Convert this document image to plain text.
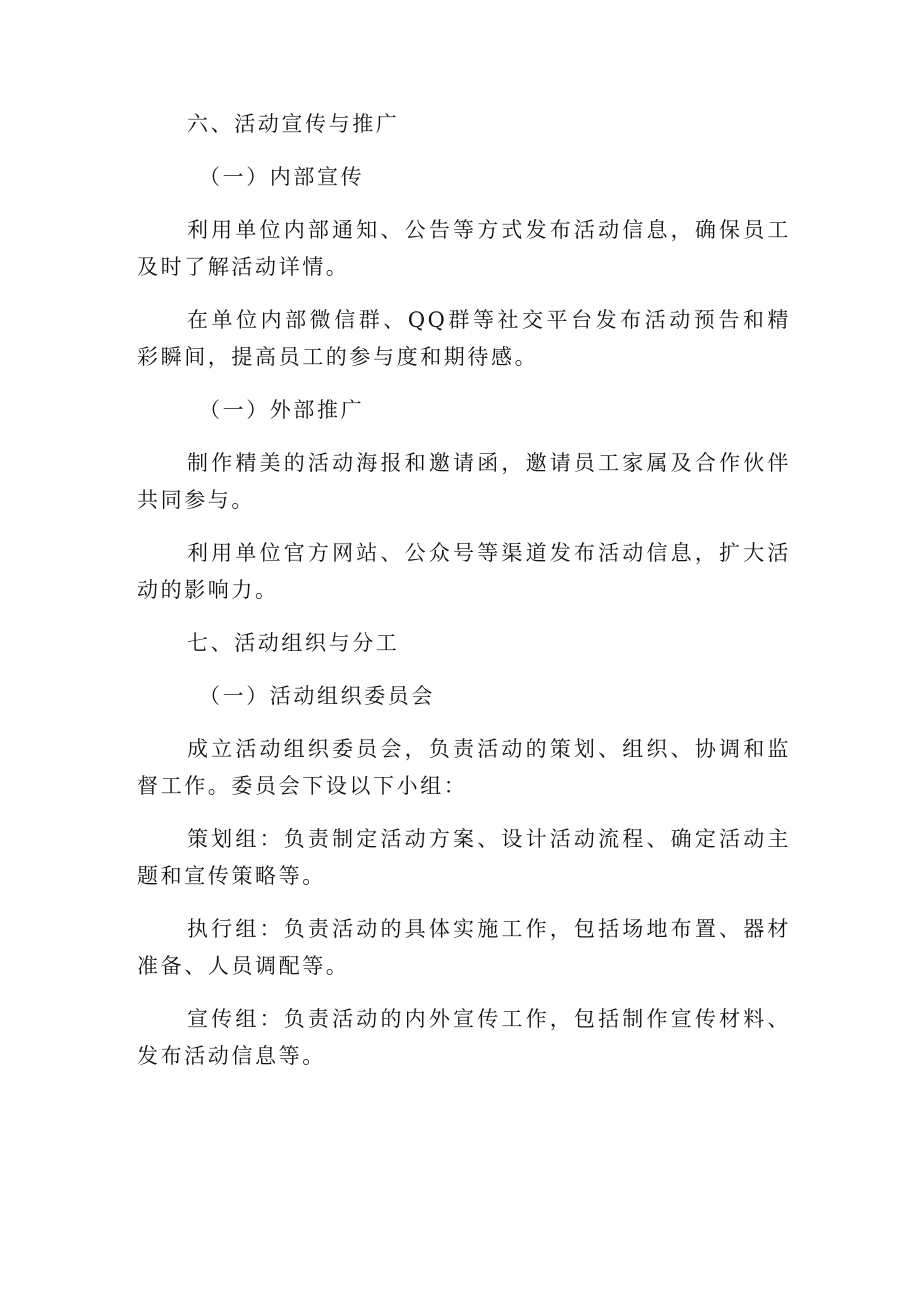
六、活动宣传与推广
（一）内部宣传

利用单位内部通知、公告等方式发布活动信息，确保员工及时了解活动详情。

在单位内部微信群、QQ群等社交平台发布活动预告和精彩瞬间，提高员工的参与度和期待感。

（一）外部推广

制作精美的活动海报和邀请函，邀请员工家属及合作伙伴共同参与。

利用单位官方网站、公众号等渠道发布活动信息，扩大活动的影响力。

七、活动组织与分工
（一）活动组织委员会

成立活动组织委员会，负责活动的策划、组织、协调和监督工作。委员会下设以下小组：

策划组：负责制定活动方案、设计活动流程、确定活动主题和宣传策略等。

执行组：负责活动的具体实施工作，包括场地布置、器材准备、人员调配等。

宣传组：负责活动的内外宣传工作，包括制作宣传材料、发布活动信息等。
